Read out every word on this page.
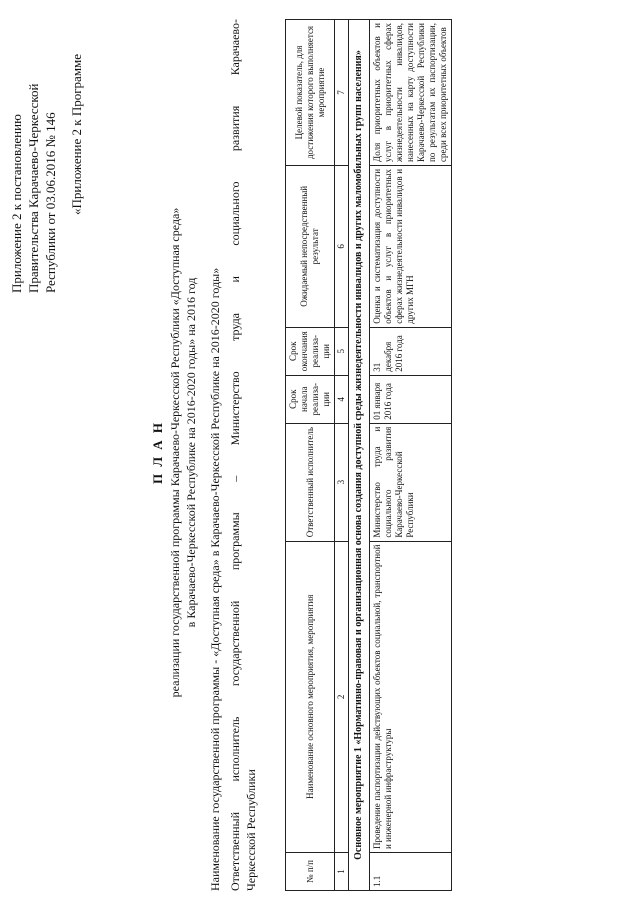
Приложение 2 к постановлению Правительства Карачаево-Черкесской Республики от 03.06.2016 № 146 «Приложение 2 к Программе
П Л А Н реализации государственной программы Карачаево-Черкесской Республики «Доступная среда» в Карачаево-Черкесской Республике на 2016-2020 годы» на 2016 год Наименование государственной программы - «Доступная среда» в Карачаево-Черкесской Республике на 2016-2020 годы» Ответственный исполнитель государственной программы – Министерство труда и социального развития Карачаево- Черкесской Республики	№ п/п	Наименование основного мероприятия, мероприятия	Ответственный исполнитель	Срок начала реализа-ции	Срок окончания реализа-ции	Ожидаемый непосредственный результат	Целевой показатель, для достижения которого выполняется мероприятие
1	2	3	4	5	6	7
Основное мероприятие 1 «Нормативно-правовая и организационная основа создания доступной среды жизнедеятельности инвалидов и других маломобильных групп населения»						
1.1	Проведение паспортизации действующих объектов социальной, транспортной и инженерной инфраструктуры	Министерство труда и социального развития Карачаево-Черкесской Республики	01 января 2016 года	31 декабря 2016 года	Оценка и систематизация доступности объектов и услуг в приоритетных сферах жизнедеятельности инвалидов и других МГН	Доля приоритетных объектов и услуг в приоритетных сферах жизнедеятельности инвалидов, нанесенных на карту доступности Карачаево-Черкесской Республики по результатам их паспортизации, среди всех приоритетных объектов
